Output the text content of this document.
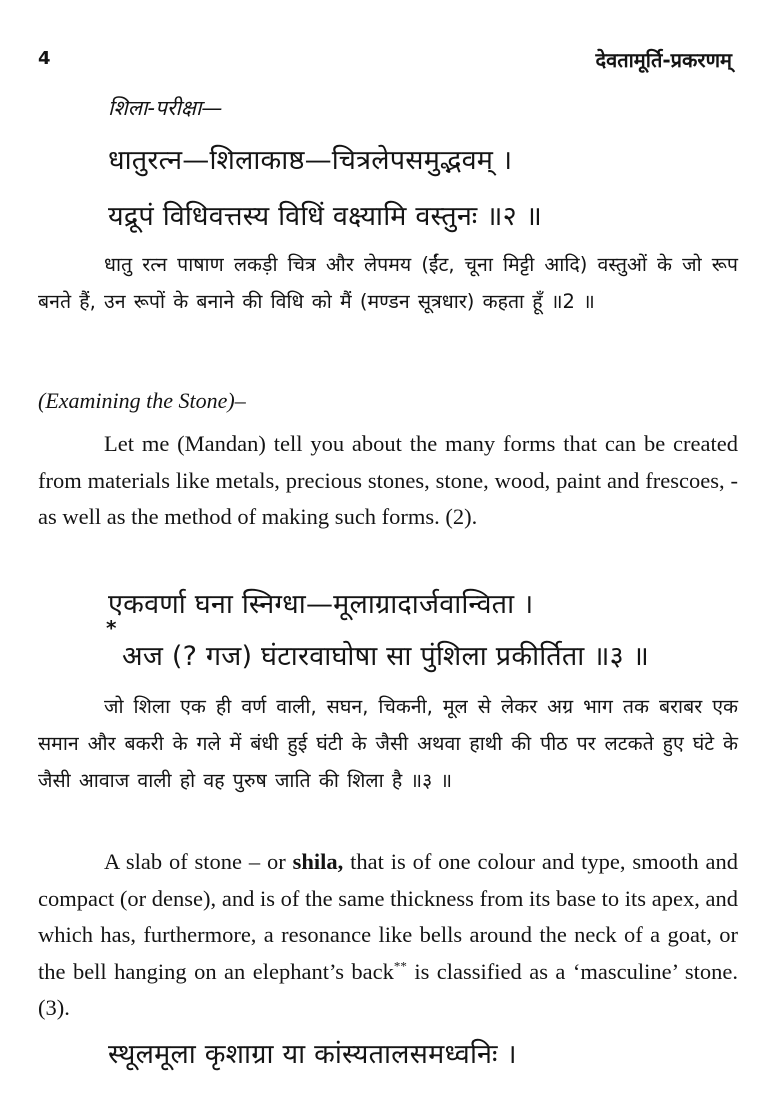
4	देवतामूर्ति-प्रकरणम्
शिला-परीक्षा—
धातुरत्न—शिलाकाष्ठ—चित्रलेपसमुद्भवम् ।
यद्रूपं विधिवत्तस्य विधिं वक्ष्यामि वस्तुनः ॥२ ॥
धातु रत्न पाषाण लकड़ी चित्र और लेपमय (ईंट, चूना मिट्टी आदि) वस्तुओं के जो रूप बनते हैं, उन रूपों के बनाने की विधि को मैं (मण्डन सूत्रधार) कहता हूँ ॥2 ॥
(Examining the Stone)–
Let me (Mandan) tell you about the many forms that can be created from materials like metals, precious stones, stone, wood, paint and frescoes, - as well as the method of making such forms. (2).
एकवर्णा घना स्निग्धा—मूलाग्रादार्जवान्विता ।
*
अज (? गज) घंटारवाघोषा सा पुंशिला प्रकीर्तिता ॥३ ॥
जो शिला एक ही वर्ण वाली, सघन, चिकनी, मूल से लेकर अग्र भाग तक बराबर एक समान और बकरी के गले में बंधी हुई घंटी के जैसी अथवा हाथी की पीठ पर लटकते हुए घंटे के जैसी आवाज वाली हो वह पुरुष जाति की शिला है ॥३ ॥
A slab of stone – or shila, that is of one colour and type, smooth and compact (or dense), and is of the same thickness from its base to its apex, and which has, furthermore, a resonance like bells around the neck of a goat, or the bell hanging on an elephant’s back** is classified as a ‘masculine’ stone. (3).
स्थूलमूला कृशाग्रा या कांस्यतालसमध्वनिः ।
